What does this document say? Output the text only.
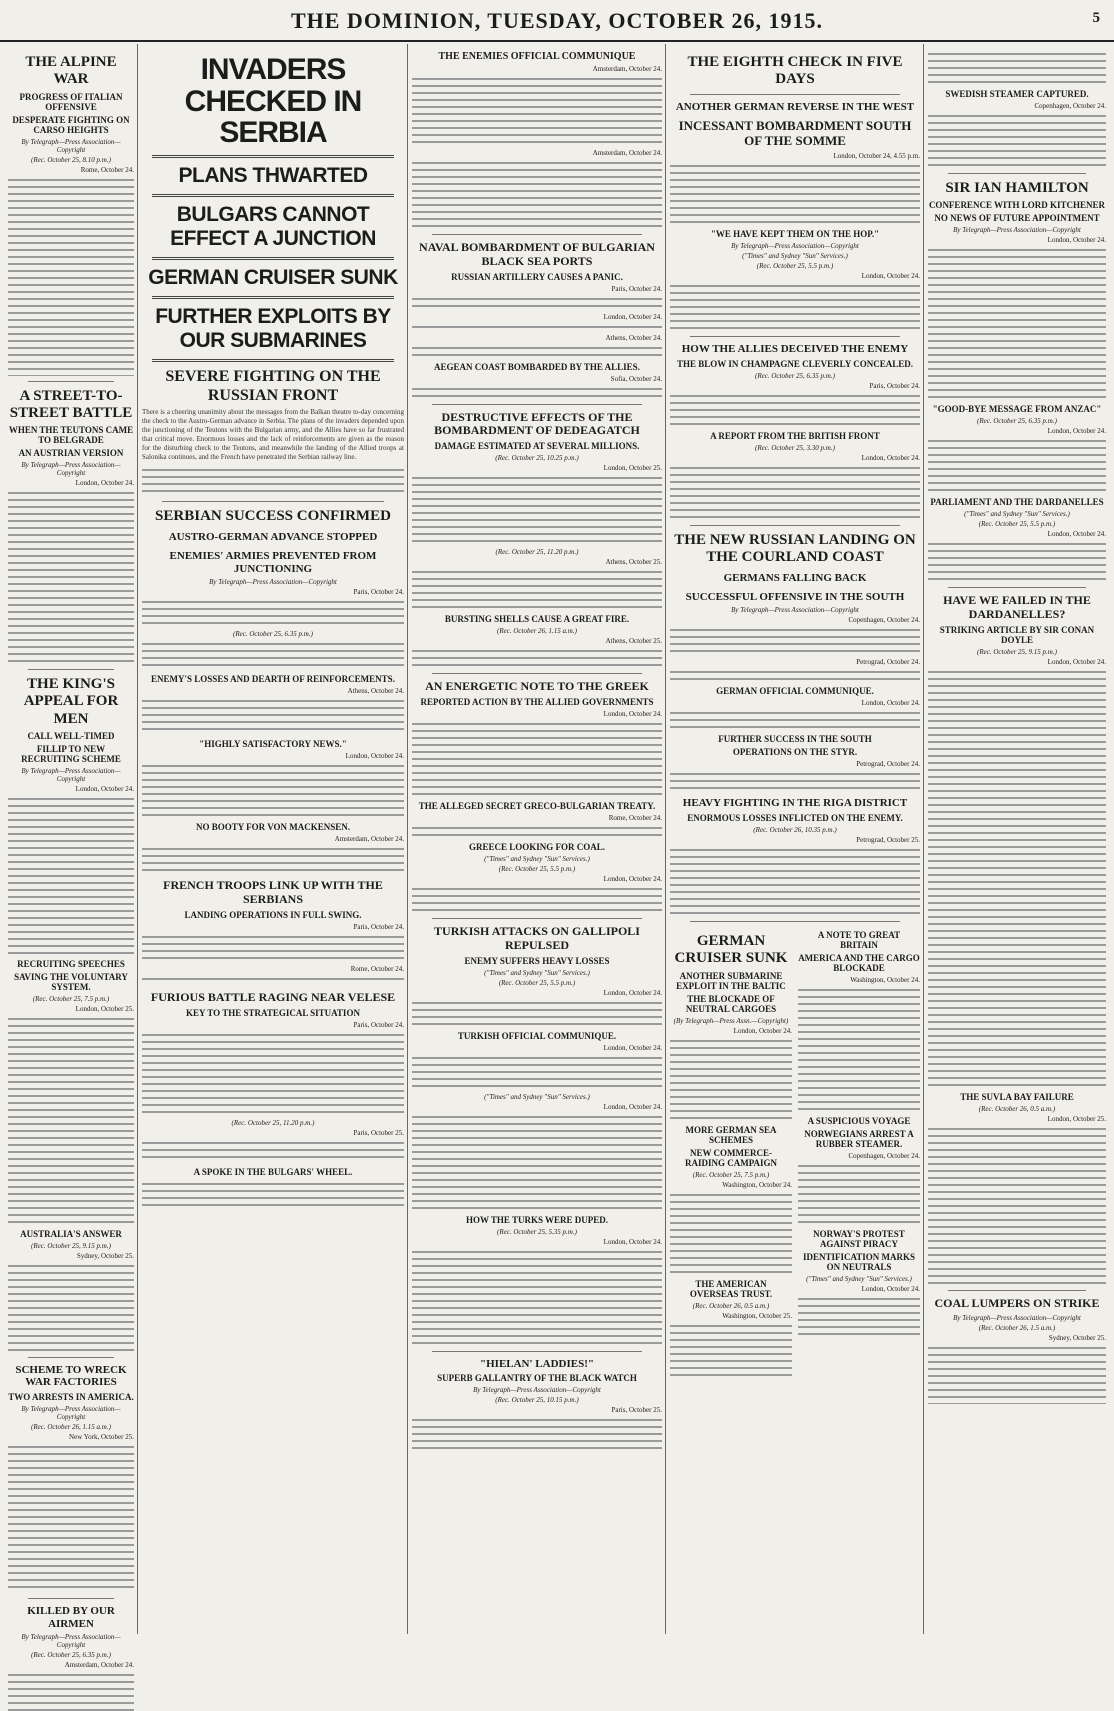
THE DOMINION, TUESDAY, OCTOBER 26, 1915.	5
THE ALPINE WAR
PROGRESS OF ITALIAN OFFENSIVE
DESPERATE FIGHTING ON CARSO HEIGHTS
By Telegraph—Press Association—Copyright
(Rec. October 25, 8.10 p.m.)
Rome, October 24.
A STREET-TO-STREET BATTLE
WHEN THE TEUTONS CAME TO BELGRADE
AN AUSTRIAN VERSION
By Telegraph—Press Association—Copyright
London, October 24.
THE KING'S APPEAL FOR MEN
CALL WELL-TIMED
FILLIP TO NEW RECRUITING SCHEME
By Telegraph—Press Association—Copyright
London, October 24.
RECRUITING SPEECHES
SAVING THE VOLUNTARY SYSTEM.
(Rec. October 25, 7.5 p.m.)
London, October 25.
AUSTRALIA'S ANSWER
(Rec. October 25, 9.15 p.m.)
Sydney, October 25.
SCHEME TO WRECK WAR FACTORIES
TWO ARRESTS IN AMERICA.
By Telegraph—Press Association—Copyright
(Rec. October 26, 1.15 a.m.)
New York, October 25.
KILLED BY OUR AIRMEN
By Telegraph—Press Association—Copyright
(Rec. October 25, 6.35 p.m.)
Amsterdam, October 24.
INVADERS CHECKED IN SERBIA
PLANS THWARTED
BULGARS CANNOT EFFECT A JUNCTION
GERMAN CRUISER SUNK
FURTHER EXPLOITS BY OUR SUBMARINES
SEVERE FIGHTING ON THE RUSSIAN FRONT
There is a cheering unanimity about the messages from the Balkan theatre to-day concerning the check to the Austro-German advance in Serbia. The plans of the invaders depended upon the junctioning of the Teutons with the Bulgarian army, and the Allies have so far frustrated that critical move. Enormous losses and the lack of reinforcements are given as the reason for the disturbing check to the Teutons, and meanwhile the landing of the Allied troops at Salonika continues, and the French have penetrated the Serbian railway line.
SERBIAN SUCCESS CONFIRMED
AUSTRO-GERMAN ADVANCE STOPPED
ENEMIES' ARMIES PREVENTED FROM JUNCTIONING
By Telegraph—Press Association—Copyright
Paris, October 24.
(Rec. October 25, 6.35 p.m.)
ENEMY'S LOSSES AND DEARTH OF REINFORCEMENTS.
Athens, October 24.
"HIGHLY SATISFACTORY NEWS."
London, October 24.
NO BOOTY FOR VON MACKENSEN.
Amsterdam, October 24.
FRENCH TROOPS LINK UP WITH THE SERBIANS
LANDING OPERATIONS IN FULL SWING.
Paris, October 24.
Rome, October 24.
FURIOUS BATTLE RAGING NEAR VELESE
KEY TO THE STRATEGICAL SITUATION
Paris, October 24.
(Rec. October 25, 11.20 p.m.)
Paris, October 25.
A SPOKE IN THE BULGARS' WHEEL.
THE ENEMIES OFFICIAL COMMUNIQUE
Amsterdam, October 24.
Amsterdam, October 24.
NAVAL BOMBARDMENT OF BULGARIAN BLACK SEA PORTS
RUSSIAN ARTILLERY CAUSES A PANIC.
Paris, October 24.
London, October 24.
Athens, October 24.
AEGEAN COAST BOMBARDED BY THE ALLIES.
Sofia, October 24.
DESTRUCTIVE EFFECTS OF THE BOMBARDMENT OF DEDEAGATCH
DAMAGE ESTIMATED AT SEVERAL MILLIONS.
(Rec. October 25, 10.25 p.m.)
London, October 25.
(Rec. October 25, 11.20 p.m.)
Athens, October 25.
BURSTING SHELLS CAUSE A GREAT FIRE.
(Rec. October 26, 1.15 a.m.)
Athens, October 25.
AN ENERGETIC NOTE TO THE GREEK
REPORTED ACTION BY THE ALLIED GOVERNMENTS
London, October 24.
THE ALLEGED SECRET GRECO-BULGARIAN TREATY.
Rome, October 24.
GREECE LOOKING FOR COAL.
("Times" and Sydney "Sun" Services.)
(Rec. October 25, 5.5 p.m.)
London, October 24.
TURKISH ATTACKS ON GALLIPOLI REPULSED
ENEMY SUFFERS HEAVY LOSSES
("Times" and Sydney "Sun" Services.)
(Rec. October 25, 5.5 p.m.)
London, October 24.
TURKISH OFFICIAL COMMUNIQUE.
London, October 24.
("Times" and Sydney "Sun" Services.)
London, October 24.
HOW THE TURKS WERE DUPED.
(Rec. October 25, 5.35 p.m.)
London, October 24.
"HIELAN' LADDIES!"
SUPERB GALLANTRY OF THE BLACK WATCH
By Telegraph—Press Association—Copyright
(Rec. October 25, 10.15 p.m.)
Paris, October 25.
THE EIGHTH CHECK IN FIVE DAYS
ANOTHER GERMAN REVERSE IN THE WEST
INCESSANT BOMBARDMENT SOUTH OF THE SOMME
London, October 24, 4.55 p.m.
"WE HAVE KEPT THEM ON THE HOP."
By Telegraph—Press Association—Copyright
("Times" and Sydney "Sun" Services.)
(Rec. October 25, 5.5 p.m.)
London, October 24.
HOW THE ALLIES DECEIVED THE ENEMY
THE BLOW IN CHAMPAGNE CLEVERLY CONCEALED.
(Rec. October 25, 6.35 p.m.)
Paris, October 24.
A REPORT FROM THE BRITISH FRONT
(Rec. October 25, 3.30 p.m.)
London, October 24.
THE NEW RUSSIAN LANDING ON THE COURLAND COAST
GERMANS FALLING BACK
SUCCESSFUL OFFENSIVE IN THE SOUTH
By Telegraph—Press Association—Copyright
Copenhagen, October 24.
Petrograd, October 24.
GERMAN OFFICIAL COMMUNIQUE.
London, October 24.
FURTHER SUCCESS IN THE SOUTH
OPERATIONS ON THE STYR.
Petrograd, October 24.
HEAVY FIGHTING IN THE RIGA DISTRICT
ENORMOUS LOSSES INFLICTED ON THE ENEMY.
(Rec. October 26, 10.35 p.m.)
Petrograd, October 25.
GERMAN CRUISER SUNK
ANOTHER SUBMARINE EXPLOIT IN THE BALTIC
THE BLOCKADE OF NEUTRAL CARGOES
(By Telegraph—Press Assn.—Copyright)
London, October 24.
MORE GERMAN SEA SCHEMES
NEW COMMERCE-RAIDING CAMPAIGN
(Rec. October 25, 7.5 p.m.)
Washington, October 24.
THE AMERICAN OVERSEAS TRUST.
(Rec. October 26, 0.5 a.m.)
Washington, October 25.
A NOTE TO GREAT BRITAIN
AMERICA AND THE CARGO BLOCKADE
Washington, October 24.
A SUSPICIOUS VOYAGE
NORWEGIANS ARREST A RUBBER STEAMER.
Copenhagen, October 24.
NORWAY'S PROTEST AGAINST PIRACY
IDENTIFICATION MARKS ON NEUTRALS
("Times" and Sydney "Sun" Services.)
London, October 24.
SWEDISH STEAMER CAPTURED.
Copenhagen, October 24.
SIR IAN HAMILTON
CONFERENCE WITH LORD KITCHENER
NO NEWS OF FUTURE APPOINTMENT
By Telegraph—Press Association—Copyright
London, October 24.
"GOOD-BYE MESSAGE FROM ANZAC"
(Rec. October 25, 6.35 p.m.)
London, October 24.
PARLIAMENT AND THE DARDANELLES
("Times" and Sydney "Sun" Services.)
(Rec. October 25, 5.5 p.m.)
London, October 24.
HAVE WE FAILED IN THE DARDANELLES?
STRIKING ARTICLE BY SIR CONAN DOYLE
(Rec. October 25, 9.15 p.m.)
London, October 24.
THE SUVLA BAY FAILURE
(Rec. October 26, 0.5 a.m.)
London, October 25.
COAL LUMPERS ON STRIKE
By Telegraph—Press Association—Copyright
(Rec. October 26, 1.5 a.m.)
Sydney, October 25.
